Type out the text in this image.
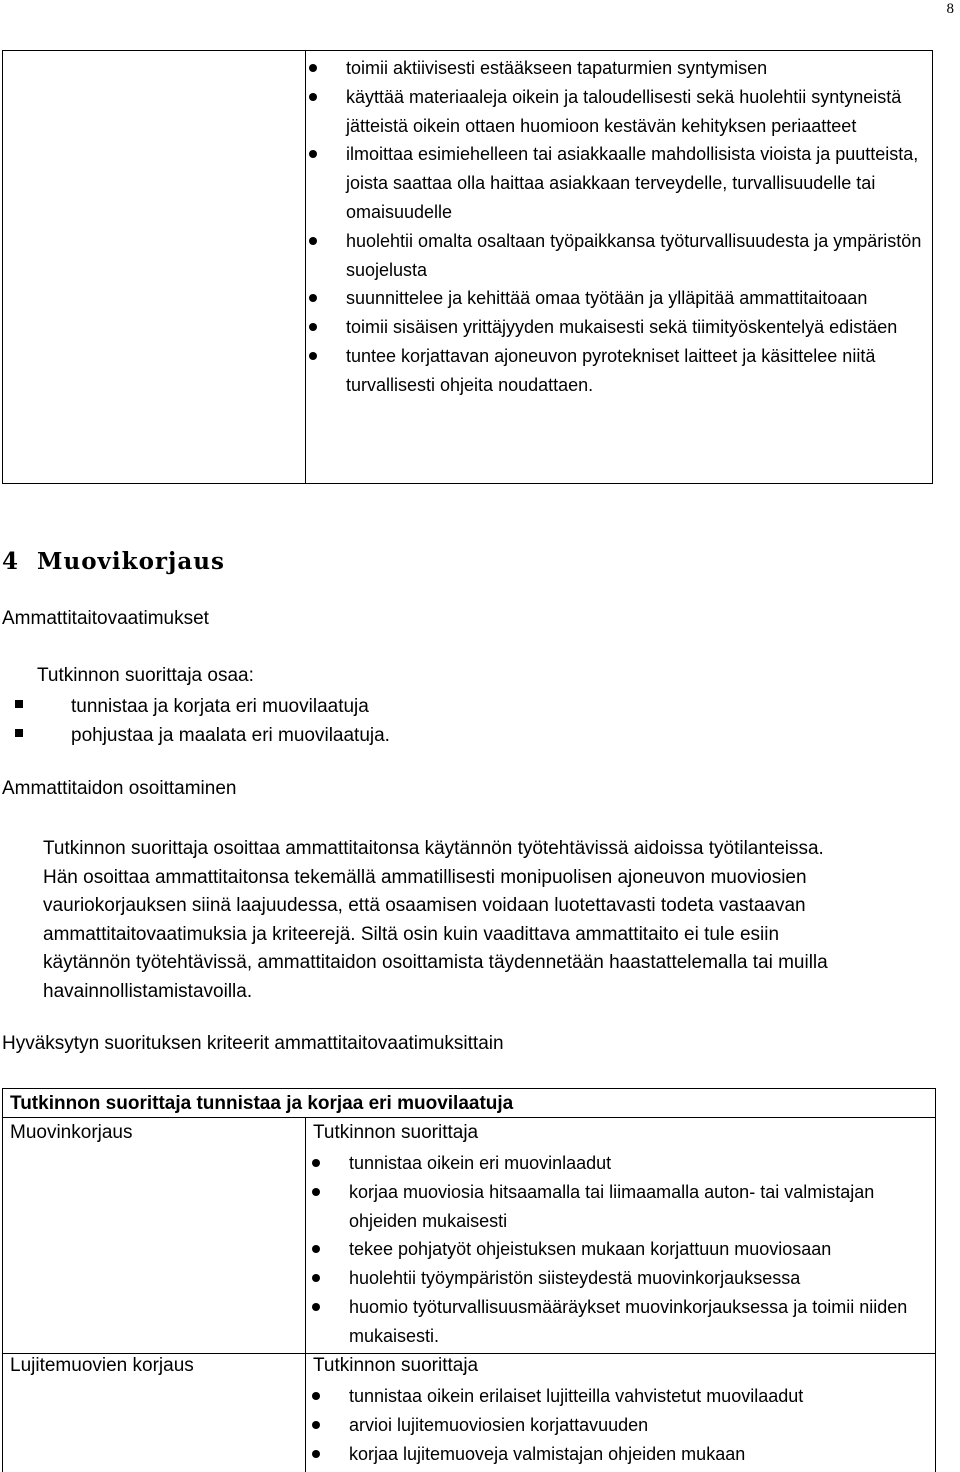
8
toimii aktiivisesti estääkseen tapaturmien syntymisen
käyttää materiaaleja oikein ja taloudellisesti sekä huolehtii syntyneistä jätteistä oikein ottaen huomioon kestävän kehityksen periaatteet
ilmoittaa esimiehelleen tai asiakkaalle mahdollisista vioista ja puutteista, joista saattaa olla haittaa asiakkaan terveydelle, turvallisuudelle tai omaisuudelle
huolehtii omalta osaltaan työpaikkansa työturvallisuudesta ja ympäristön suojelusta
suunnittelee ja kehittää omaa työtään ja ylläpitää ammattitaitoaan
toimii sisäisen yrittäjyyden mukaisesti sekä tiimityöskentelyä edistäen
tuntee korjattavan ajoneuvon pyrotekniset laitteet ja käsittelee niitä turvallisesti ohjeita noudattaen.
4 Muovikorjaus
Ammattitaitovaatimukset
Tutkinnon suorittaja osaa:
tunnistaa ja korjata eri muovilaatuja
pohjustaa ja maalata eri muovilaatuja.
Ammattitaidon osoittaminen

Tutkinnon suorittaja osoittaa ammattitaitonsa käytännön työtehtävissä aidoissa työtilanteissa.
Hän osoittaa ammattitaitonsa tekemällä ammatillisesti monipuolisen ajoneuvon muoviosien
vauriokorjauksen siinä laajuudessa, että osaamisen voidaan luotettavasti todeta vastaavan
ammattitaitovaatimuksia ja kriteerejä. Siltä osin kuin vaadittava ammattitaito ei tule esiin
käytännön työtehtävissä, ammattitaidon osoittamista täydennetään haastattelemalla tai muilla
havainnollistamistavoilla.

Hyväksytyn suorituksen kriteerit ammattitaitovaatimuksittain
Tutkinnon suorittaja tunnistaa ja korjaa eri muovilaatuja
Muovinkorjaus	Tutkinnon suorittaja
tunnistaa oikein eri muovinlaadut
korjaa muoviosia hitsaamalla tai liimaamalla auton- tai valmistajan ohjeiden mukaisesti
tekee pohjatyöt ohjeistuksen mukaan korjattuun muoviosaan
huolehtii työympäristön siisteydestä muovinkorjauksessa
huomio työturvallisuusmääräykset muovinkorjauksessa ja toimii niiden mukaisesti.
Lujitemuovien korjaus	Tutkinnon suorittaja
tunnistaa oikein erilaiset lujitteilla vahvistetut muovilaadut
arvioi lujitemuoviosien korjattavuuden
korjaa lujitemuoveja valmistajan ohjeiden mukaan
